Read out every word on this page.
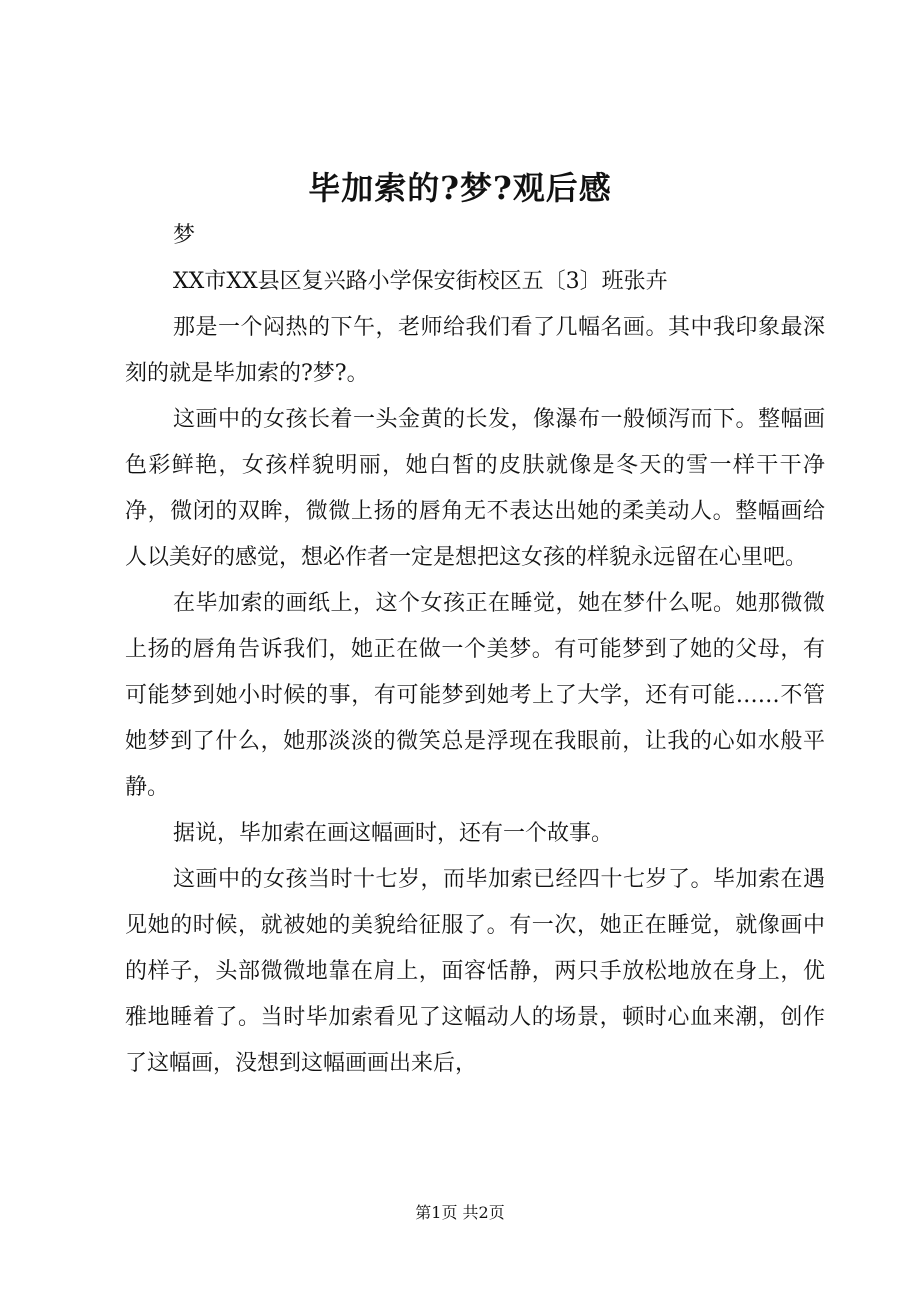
毕加索的?梦?观后感

梦

XX市XX县区复兴路小学保安街校区五〔3〕班张卉

那是一个闷热的下午，老师给我们看了几幅名画。其中我印象最深刻的就是毕加索的?梦?。

这画中的女孩长着一头金黄的长发，像瀑布一般倾泻而下。整幅画色彩鲜艳，女孩样貌明丽，她白皙的皮肤就像是冬天的雪一样干干净净，微闭的双眸，微微上扬的唇角无不表达出她的柔美动人。整幅画给人以美好的感觉，想必作者一定是想把这女孩的样貌永远留在心里吧。

在毕加索的画纸上，这个女孩正在睡觉，她在梦什么呢。她那微微上扬的唇角告诉我们，她正在做一个美梦。有可能梦到了她的父母，有可能梦到她小时候的事，有可能梦到她考上了大学，还有可能……不管她梦到了什么，她那淡淡的微笑总是浮现在我眼前，让我的心如水般平静。

据说，毕加索在画这幅画时，还有一个故事。

这画中的女孩当时十七岁，而毕加索已经四十七岁了。毕加索在遇见她的时候，就被她的美貌给征服了。有一次，她正在睡觉，就像画中的样子，头部微微地靠在肩上，面容恬静，两只手放松地放在身上，优雅地睡着了。当时毕加索看见了这幅动人的场景，顿时心血来潮，创作了这幅画，没想到这幅画画出来后，

第1页 共2页
